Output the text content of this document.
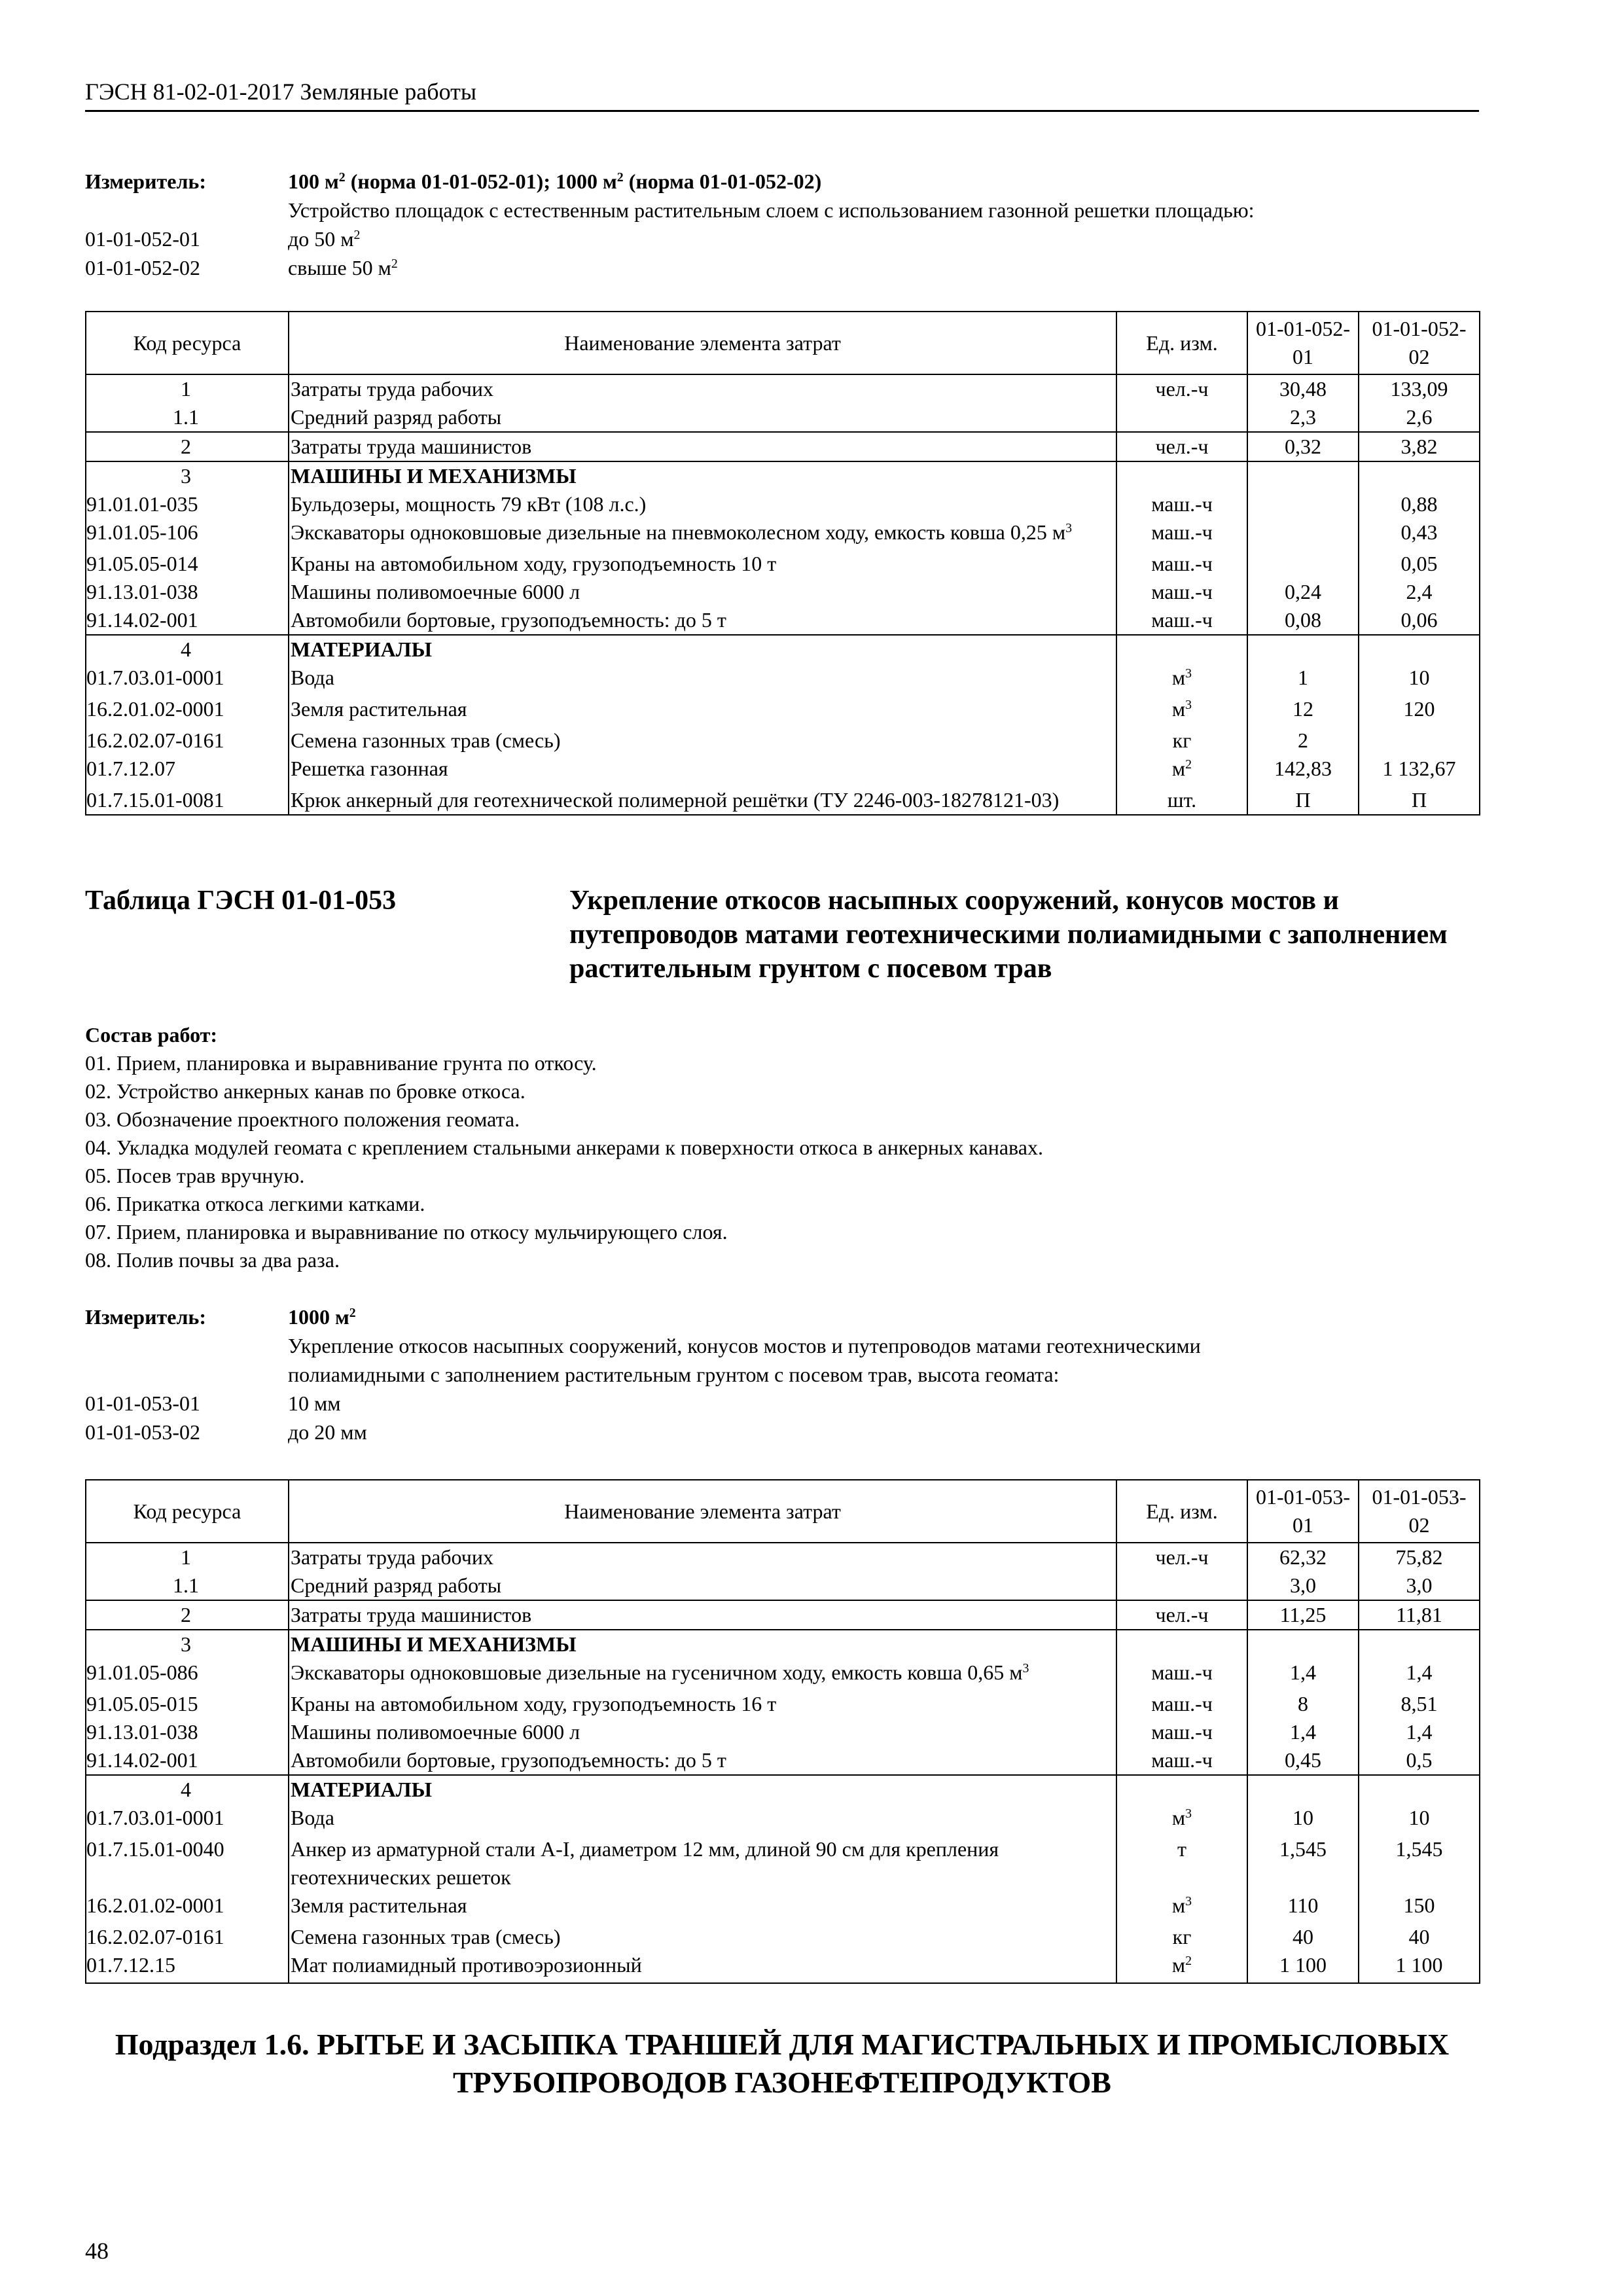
ГЭСН 81-02-01-2017 Земляные работы
Измеритель:	100 $м^2$ (норма 01-01-052-01); 1000 $м^2$ (норма 01-01-052-02)
Устройство площадок с естественным растительным слоем с использованием газонной решетки площадью:
01-01-052-01	до 50 $м^2$
01-01-052-02	свыше 50 $м^2$
Код ресурса	Наименование элемента затрат	Ед. изм.	01-01-052-01	01-01-052-02
1	Затраты труда рабочих	чел.-ч	30,48	133,09
1.1	Средний разряд работы		2,3	2,6
2	Затраты труда машинистов	чел.-ч	0,32	3,82
3	МАШИНЫ И МЕХАНИЗМЫ			
91.01.01-035	Бульдозеры, мощность 79 кВт (108 л.с.)	маш.-ч		0,88
91.01.05-106	Экскаваторы одноковшовые дизельные на пневмоколесном ходу, емкость ковша 0,25 $м^3$	маш.-ч		0,43
91.05.05-014	Краны на автомобильном ходу, грузоподъемность 10 т	маш.-ч		0,05
91.13.01-038	Машины поливомоечные 6000 л	маш.-ч	0,24	2,4
91.14.02-001	Автомобили бортовые, грузоподъемность: до 5 т	маш.-ч	0,08	0,06
4	МАТЕРИАЛЫ			
01.7.03.01-0001	Вода	$м^3$	1	10
16.2.01.02-0001	Земля растительная	$м^3$	12	120
16.2.02.07-0161	Семена газонных трав (смесь)	кг	2	
01.7.12.07	Решетка газонная	$м^2$	142,83	1 132,67
01.7.15.01-0081	Крюк анкерный для геотехнической полимерной решётки (ТУ 2246-003-18278121-03)	шт.	П	П
Таблица ГЭСН 01-01-053	Укрепление откосов насыпных сооружений, конусов мостов и путепроводов матами геотехническими полиамидными с заполнением растительным грунтом с посевом трав
Состав работ:
01. Прием, планировка и выравнивание грунта по откосу.
02. Устройство анкерных канав по бровке откоса.
03. Обозначение проектного положения геомата.
04. Укладка модулей геомата с креплением стальными анкерами к поверхности откоса в анкерных канавах.
05. Посев трав вручную.
06. Прикатка откоса легкими катками.
07. Прием, планировка и выравнивание по откосу мульчирующего слоя.
08. Полив почвы за два раза.
Измеритель:	1000 $м^2$
Укрепление откосов насыпных сооружений, конусов мостов и путепроводов матами геотехническими
полиамидными с заполнением растительным грунтом с посевом трав, высота геомата:
01-01-053-01	10 мм
01-01-053-02	до 20 мм
Код ресурса	Наименование элемента затрат	Ед. изм.	01-01-053-01	01-01-053-02
1	Затраты труда рабочих	чел.-ч	62,32	75,82
1.1	Средний разряд работы		3,0	3,0
2	Затраты труда машинистов	чел.-ч	11,25	11,81
3	МАШИНЫ И МЕХАНИЗМЫ			
91.01.05-086	Экскаваторы одноковшовые дизельные на гусеничном ходу, емкость ковша 0,65 $м^3$	маш.-ч	1,4	1,4
91.05.05-015	Краны на автомобильном ходу, грузоподъемность 16 т	маш.-ч	8	8,51
91.13.01-038	Машины поливомоечные 6000 л	маш.-ч	1,4	1,4
91.14.02-001	Автомобили бортовые, грузоподъемность: до 5 т	маш.-ч	0,45	0,5
4	МАТЕРИАЛЫ			
01.7.03.01-0001	Вода	$м^3$	10	10
01.7.15.01-0040	Анкер из арматурной стали А-I, диаметром 12 мм, длиной 90 см для крепления геотехнических решеток	т	1,545	1,545
16.2.01.02-0001	Земля растительная	$м^3$	110	150
16.2.02.07-0161	Семена газонных трав (смесь)	кг	40	40
01.7.12.15	Мат полиамидный противоэрозионный	$м^2$	1 100	1 100
Подраздел 1.6. РЫТЬЕ И ЗАСЫПКА ТРАНШЕЙ ДЛЯ МАГИСТРАЛЬНЫХ И ПРОМЫСЛОВЫХ ТРУБОПРОВОДОВ ГАЗОНЕФТЕПРОДУКТОВ
48
